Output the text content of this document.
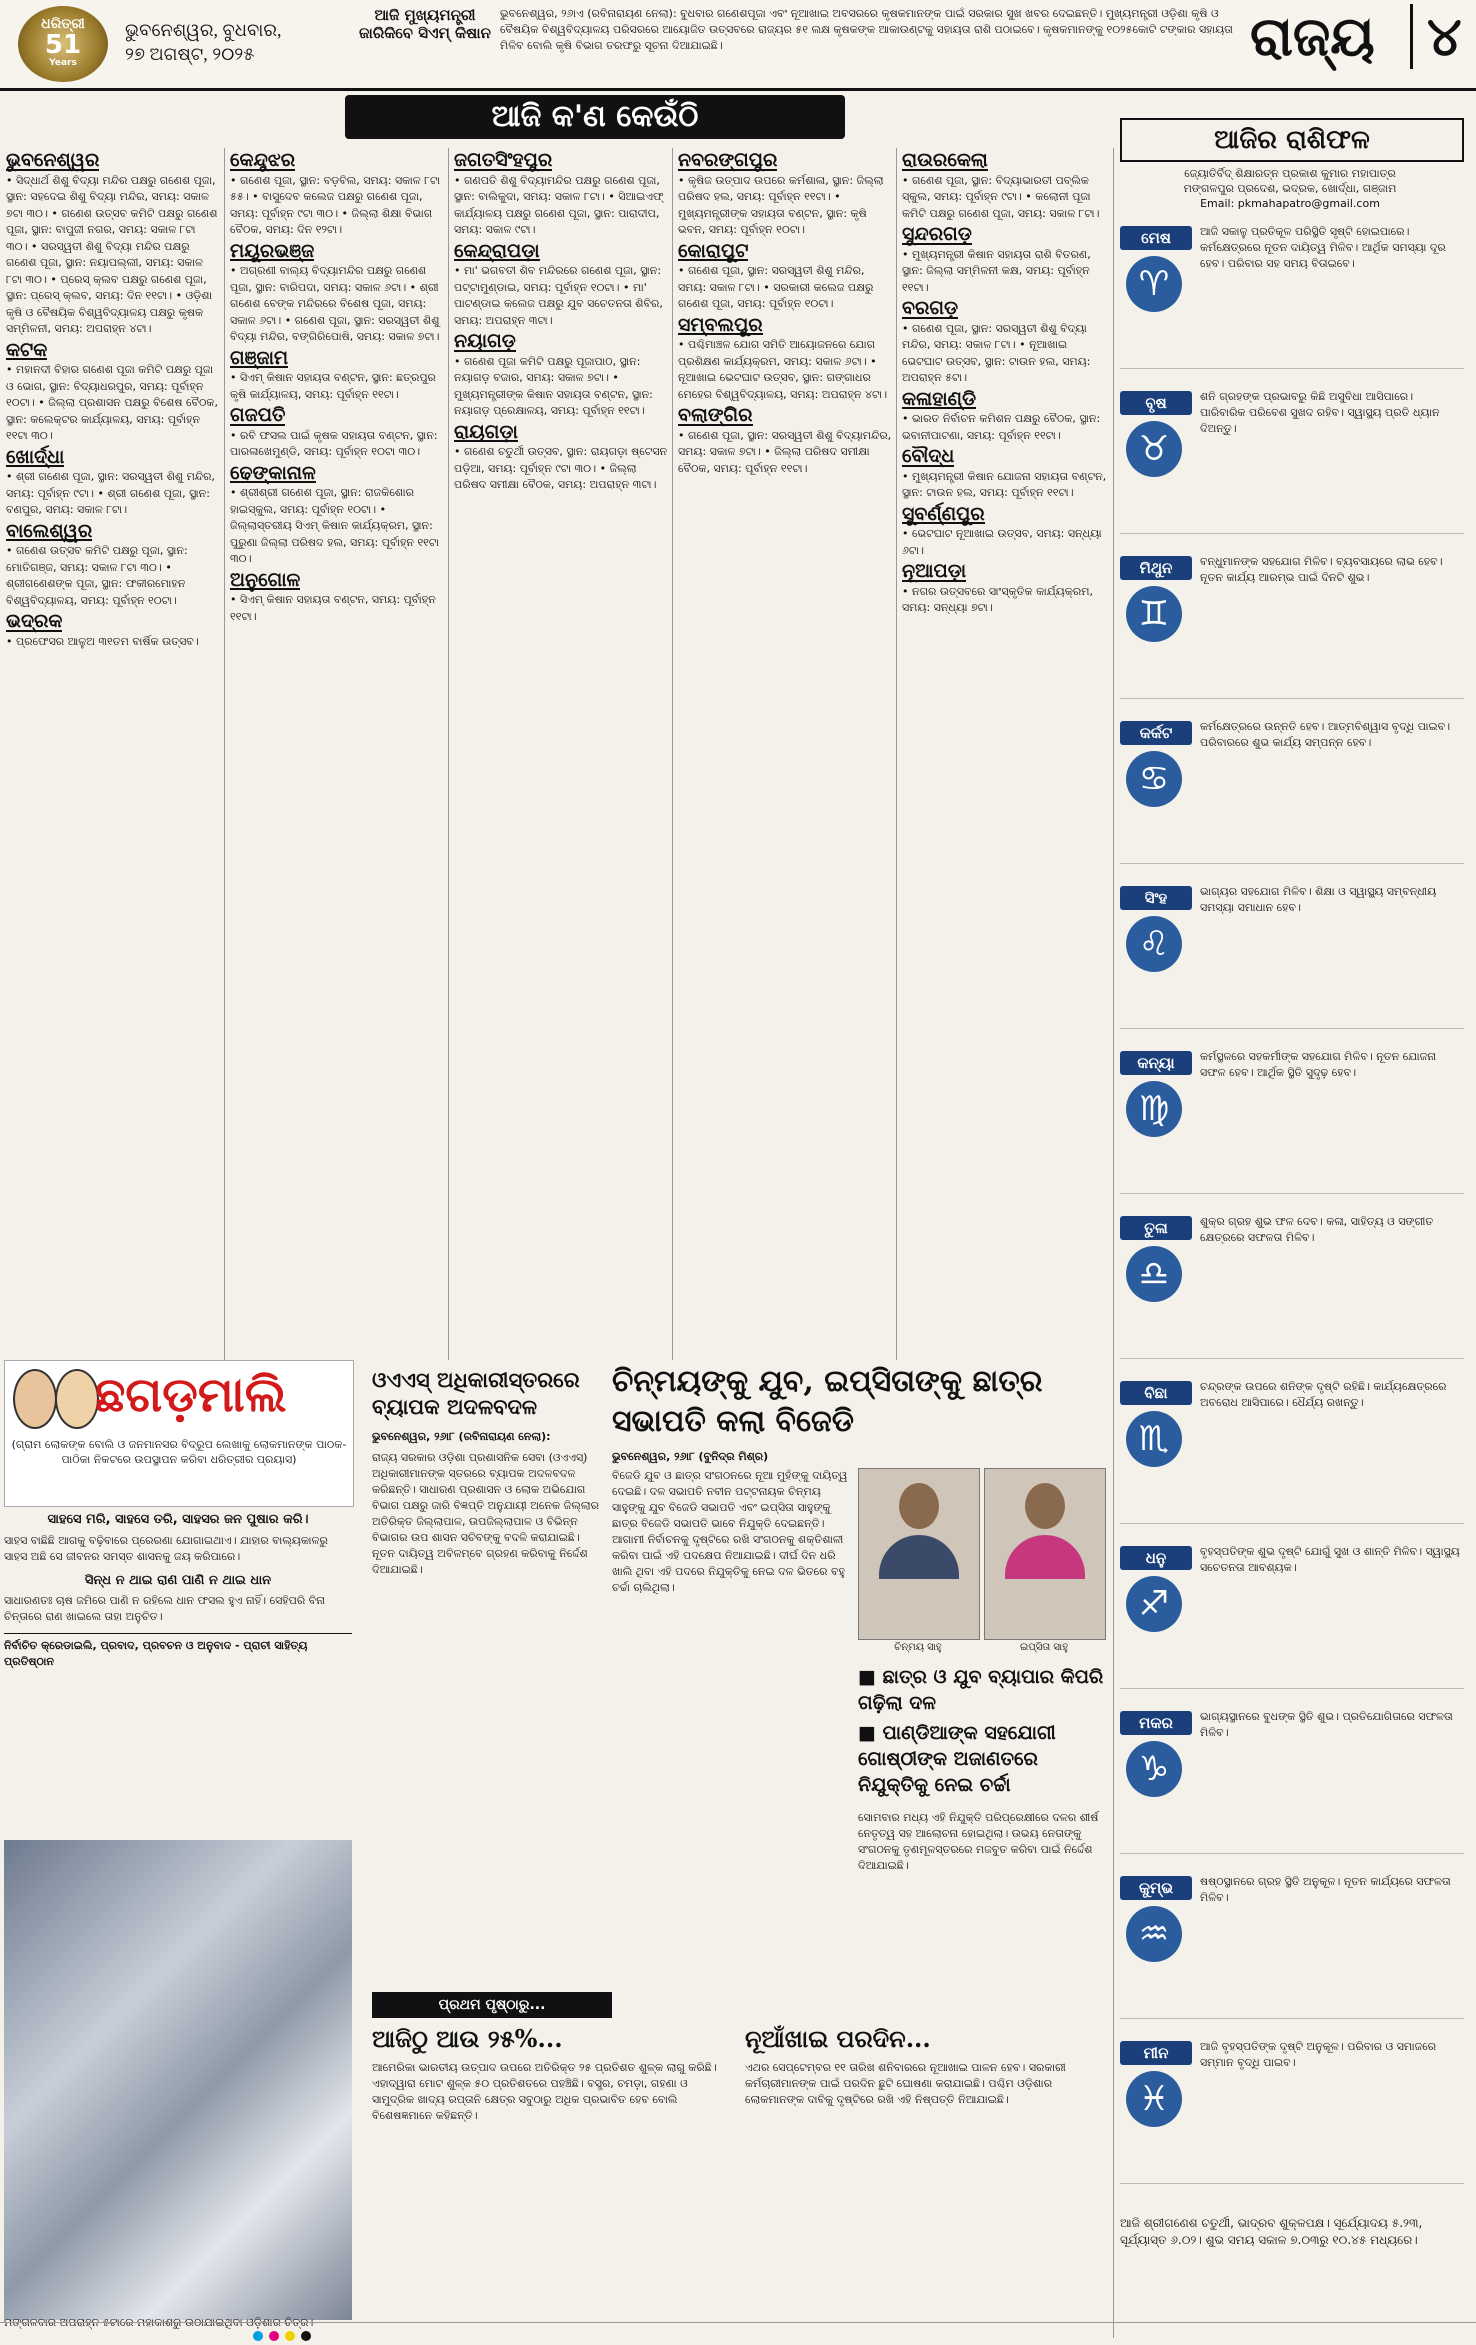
ଧରିତ୍ରୀ
51
Years
ଭୁବନେଶ୍ୱର, ବୁଧବାର,
୨୭ ଅଗଷ୍ଟ, ୨୦୨୫
ଆଜି ମୁଖ୍ୟମନ୍ତ୍ରୀ ଜାରିକିବେ ସିଏମ୍ କିଷାନ
ଭୁବନେଶ୍ୱର, ୨୬ାଏ (ରବିନାରାୟଣ ନେଲା): ବୁଧବାର ଗଣେଶପୂଜା ଏବଂ ନୂଆଖାଇ ଅବସରରେ କୃଷକମାନଙ୍କ ପାଇଁ ସରକାର ସୁଖ ଖବର ଦେଇଛନ୍ତି। ମୁଖ୍ୟମନ୍ତ୍ରୀ ଓଡ଼ିଶା କୃଷି ଓ ବୈଷୟିକ ବିଶ୍ୱବିଦ୍ୟାଳୟ ପରିସରରେ ଆୟୋଜିତ ଉତ୍ସବରେ ରାଜ୍ୟର ୫୧ ଲକ୍ଷ କୃଷକଙ୍କ ଆକାଉଣ୍ଟକୁ ସହାୟତା ରାଶି ପଠାଇବେ। କୃଷକମାନଙ୍କୁ ୧୦୨୫କୋଟି ଟଙ୍କାର ସହାୟତା ମିଳିବ ବୋଲି କୃଷି ବିଭାଗ ତରଫରୁ ସୂଚନା ଦିଆଯାଇଛି।	ରାଜ୍ୟ ୪
ଆଜି କ'ଣ କେଉଁଠି
ଭୁବନେଶ୍ୱର
• ସିଦ୍ଧାର୍ଥ ଶିଶୁ ବିଦ୍ୟା ମନ୍ଦିର ପକ୍ଷରୁ ଗଣେଶ ପୂଜା, ସ୍ଥାନ: ସହଦେଇ ଶିଶୁ ବିଦ୍ୟା ମନ୍ଦିର, ସମୟ: ସକାଳ ୭ଟା ୩୦। • ଗଣେଶ ଉତ୍ସବ କମିଟି ପକ୍ଷରୁ ଗଣେଶ ପୂଜା, ସ୍ଥାନ: ବାପୁଜୀ ନଗର, ସମୟ: ସକାଳ ୮ଟା ୩୦। • ସରସ୍ୱତୀ ଶିଶୁ ବିଦ୍ୟା ମନ୍ଦିର ପକ୍ଷରୁ ଗଣେଶ ପୂଜା, ସ୍ଥାନ: ନୟାପଲ୍ଲୀ, ସମୟ: ସକାଳ ୮ଟା ୩୦। • ପ୍ରେସ୍ କ୍ଲବ ପକ୍ଷରୁ ଗଣେଶ ପୂଜା, ସ୍ଥାନ: ପ୍ରେସ୍ କ୍ଲବ, ସମୟ: ଦିନ ୧୧ଟା। • ଓଡ଼ିଶା କୃଷି ଓ ବୈଷୟିକ ବିଶ୍ୱବିଦ୍ୟାଳୟ ପକ୍ଷରୁ କୃଷକ ସମ୍ମିଳନୀ, ସମୟ: ଅପରାହ୍ନ ୪ଟା।
କଟକ
• ମହାନଦୀ ବିହାର ଗଣେଶ ପୂଜା କମିଟି ପକ୍ଷରୁ ପୂଜା ଓ ଭୋଗ, ସ୍ଥାନ: ବିଦ୍ୟାଧରପୁର, ସମୟ: ପୂର୍ବାହ୍ନ ୧୦ଟା। • ଜିଲ୍ଲା ପ୍ରଶାସନ ପକ୍ଷରୁ ବିଶେଷ ବୈଠକ, ସ୍ଥାନ: କଲେକ୍ଟର କାର୍ଯ୍ୟାଳୟ, ସମୟ: ପୂର୍ବାହ୍ନ ୧୧ଟା ୩୦।
ଖୋର୍ଦ୍ଧା
• ଶ୍ରୀ ଗଣେଶ ପୂଜା, ସ୍ଥାନ: ସରସ୍ୱତୀ ଶିଶୁ ମନ୍ଦିର, ସମୟ: ପୂର୍ବାହ୍ନ ୯ଟା। • ଶ୍ରୀ ଗଣେଶ ପୂଜା, ସ୍ଥାନ: ବଣପୁର, ସମୟ: ସକାଳ ୮ଟା।
ବାଲେଶ୍ୱର
• ଗଣେଶ ଉତ୍ସବ କମିଟି ପକ୍ଷରୁ ପୂଜା, ସ୍ଥାନ: ମୋତିଗଞ୍ଜ, ସମୟ: ସକାଳ ୮ଟା ୩୦। • ଶ୍ରୀଗଣେଶଙ୍କ ପୂଜା, ସ୍ଥାନ: ଫକୀରମୋହନ ବିଶ୍ୱବିଦ୍ୟାଳୟ, ସମୟ: ପୂର୍ବାହ୍ନ ୧୦ଟା।
ଭଦ୍ରକ
• ପ୍ରଫେସର ଆଳୁଅ ୩୧ତମ ବାର୍ଷିକ ଉତ୍ସବ।
କେନ୍ଦୁଝର
• ଗଣେଶ ପୂଜା, ସ୍ଥାନ: ବଡ଼ବିଲ, ସମୟ: ସକାଳ ୮ଟା ୫୫। • ବାସୁଦେବ କଲେଜ ପକ୍ଷରୁ ଗଣେଶ ପୂଜା, ସମୟ: ପୂର୍ବାହ୍ନ ୯ଟା ୩୦। • ଜିଲ୍ଲା ଶିକ୍ଷା ବିଭାଗ ବୈଠକ, ସମୟ: ଦିନ ୧୨ଟା।
ମୟୂରଭଞ୍ଜ
• ଅଗ୍ରଣୀ ବାଲ୍ୟ ବିଦ୍ୟାମନ୍ଦିର ପକ୍ଷରୁ ଗଣେଶ ପୂଜା, ସ୍ଥାନ: ବାରିପଦା, ସମୟ: ସକାଳ ୬ଟା। • ଶ୍ରୀ ଗଣେଶ ବେଙ୍କ ମନ୍ଦିରରେ ବିଶେଷ ପୂଜା, ସମୟ: ସକାଳ ୬ଟା। • ଗଣେଶ ପୂଜା, ସ୍ଥାନ: ସରସ୍ୱତୀ ଶିଶୁ ବିଦ୍ୟା ମନ୍ଦିର, ବଙ୍ଗିରିପୋଷି, ସମୟ: ସକାଳ ୭ଟା।
ଗଞ୍ଜାମ
• ସିଏମ୍ କିଷାନ ସହାୟତା ବଣ୍ଟନ, ସ୍ଥାନ: ଛତ୍ରପୁର କୃଷି କାର୍ଯ୍ୟାଳୟ, ସମୟ: ପୂର୍ବାହ୍ନ ୧୧ଟା।
ଗଜପତି
• ରବି ଫସଲ ପାଇଁ କୃଷକ ସହାୟତା ବଣ୍ଟନ, ସ୍ଥାନ: ପାରଳାଖେମୁଣ୍ଡି, ସମୟ: ପୂର୍ବାହ୍ନ ୧୦ଟା ୩୦।
ଢେଙ୍କାନାଳ
• ଶ୍ରୀଶ୍ରୀ ଗଣେଶ ପୂଜା, ସ୍ଥାନ: ରାଜକିଶୋର ହାଇସ୍କୁଲ, ସମୟ: ପୂର୍ବାହ୍ନ ୧୦ଟା। • ଜିଲ୍ଲାସ୍ତରୀୟ ସିଏମ୍ କିଷାନ କାର୍ଯ୍ୟକ୍ରମ, ସ୍ଥାନ: ପୁରୁଣା ଜିଲ୍ଲା ପରିଷଦ ହଲ, ସମୟ: ପୂର୍ବାହ୍ନ ୧୧ଟା ୩୦।
ଅନୁଗୋଳ
• ସିଏମ୍ କିଷାନ ସହାୟତା ବଣ୍ଟନ, ସମୟ: ପୂର୍ବାହ୍ନ ୧୧ଟା।
ଜଗତସିଂହପୁର
• ଗଣପତି ଶିଶୁ ବିଦ୍ୟାମନ୍ଦିର ପକ୍ଷରୁ ଗଣେଶ ପୂଜା, ସ୍ଥାନ: ବାଲିକୁଦା, ସମୟ: ସକାଳ ୮ଟା। • ସିଆଇଏଫ୍ କାର୍ଯ୍ୟାଳୟ ପକ୍ଷରୁ ଗଣେଶ ପୂଜା, ସ୍ଥାନ: ପାରାଦୀପ, ସମୟ: ସକାଳ ୯ଟା।
କେନ୍ଦ୍ରାପଡ଼ା
• ମା' ଭଗବତୀ ଶିବ ମନ୍ଦିରରେ ଗଣେଶ ପୂଜା, ସ୍ଥାନ: ପଟ୍ଟାମୁଣ୍ଡାଇ, ସମୟ: ପୂର୍ବାହ୍ନ ୧୦ଟା। • ମା' ପାଟଣ୍ଡାଇ କଲେଜ ପକ୍ଷରୁ ଯୁବ ସଚେତନତା ଶିବିର, ସମୟ: ଅପରାହ୍ନ ୩ଟା।
ନୟାଗଡ଼
• ଗଣେଶ ପୂଜା କମିଟି ପକ୍ଷରୁ ପୂଜାପାଠ, ସ୍ଥାନ: ନୟାଗଡ଼ ବଜାର, ସମୟ: ସକାଳ ୭ଟା। • ମୁଖ୍ୟମନ୍ତ୍ରୀଙ୍କ କିଷାନ ସହାୟତା ବଣ୍ଟନ, ସ୍ଥାନ: ନୟାଗଡ଼ ପ୍ରେକ୍ଷାଳୟ, ସମୟ: ପୂର୍ବାହ୍ନ ୧୧ଟା।
ରାୟଗଡ଼ା
• ଗଣେଶ ଚତୁର୍ଥୀ ଉତ୍ସବ, ସ୍ଥାନ: ରାୟଗଡ଼ା ଷ୍ଟେସନ ପଡ଼ିଆ, ସମୟ: ପୂର୍ବାହ୍ନ ୯ଟା ୩୦। • ଜିଲ୍ଲା ପରିଷଦ ସମୀକ୍ଷା ବୈଠକ, ସମୟ: ଅପରାହ୍ନ ୩ଟା।
ନବରଙ୍ଗପୁର
• କୃଷିଜ ଉତ୍ପାଦ ଉପରେ କର୍ମଶାଳା, ସ୍ଥାନ: ଜିଲ୍ଲା ପରିଷଦ ହଲ, ସମୟ: ପୂର୍ବାହ୍ନ ୧୧ଟା। • ମୁଖ୍ୟମନ୍ତ୍ରୀଙ୍କ ସହାୟତା ବଣ୍ଟନ, ସ୍ଥାନ: କୃଷି ଭବନ, ସମୟ: ପୂର୍ବାହ୍ନ ୧୦ଟା।
କୋରାପୁଟ
• ଗଣେଶ ପୂଜା, ସ୍ଥାନ: ସରସ୍ୱତୀ ଶିଶୁ ମନ୍ଦିର, ସମୟ: ସକାଳ ୮ଟା। • ସରକାରୀ କଲେଜ ପକ୍ଷରୁ ଗଣେଶ ପୂଜା, ସମୟ: ପୂର୍ବାହ୍ନ ୧୦ଟା।
ସମ୍ବଲପୁର
• ପଶ୍ଚିମାଞ୍ଚଳ ଯୋଗ ସମିତି ଆୟୋଜନରେ ଯୋଗ ପ୍ରଶିକ୍ଷଣ କାର୍ଯ୍ୟକ୍ରମ, ସମୟ: ସକାଳ ୬ଟା। • ନୂଆଖାଇ ଭେଟଘାଟ ଉତ୍ସବ, ସ୍ଥାନ: ଗଙ୍ଗାଧର ମେହେର ବିଶ୍ୱବିଦ୍ୟାଳୟ, ସମୟ: ଅପରାହ୍ନ ୪ଟା।
ବଲାଙ୍ଗିର
• ଗଣେଶ ପୂଜା, ସ୍ଥାନ: ସରସ୍ୱତୀ ଶିଶୁ ବିଦ୍ୟାମନ୍ଦିର, ସମୟ: ସକାଳ ୭ଟା। • ଜିଲ୍ଲା ପରିଷଦ ସମୀକ୍ଷା ବୈଠକ, ସମୟ: ପୂର୍ବାହ୍ନ ୧୧ଟା।
ରାଉରକେଲା
• ଗଣେଶ ପୂଜା, ସ୍ଥାନ: ବିଦ୍ୟାଭାରତୀ ପବ୍ଲିକ ସ୍କୁଲ, ସମୟ: ପୂର୍ବାହ୍ନ ୯ଟା। • କଲୋନୀ ପୂଜା କମିଟି ପକ୍ଷରୁ ଗଣେଶ ପୂଜା, ସମୟ: ସକାଳ ୮ଟା।
ସୁନ୍ଦରଗଡ଼
• ମୁଖ୍ୟମନ୍ତ୍ରୀ କିଷାନ ସହାୟତା ରାଶି ବିତରଣ, ସ୍ଥାନ: ଜିଲ୍ଲା ସମ୍ମିଳନୀ କକ୍ଷ, ସମୟ: ପୂର୍ବାହ୍ନ ୧୧ଟା।
ବରଗଡ଼
• ଗଣେଶ ପୂଜା, ସ୍ଥାନ: ସରସ୍ୱତୀ ଶିଶୁ ବିଦ୍ୟା ମନ୍ଦିର, ସମୟ: ସକାଳ ୮ଟା। • ନୂଆଖାଇ ଭେଟଘାଟ ଉତ୍ସବ, ସ୍ଥାନ: ଟାଉନ ହଲ, ସମୟ: ଅପରାହ୍ନ ୫ଟା।
କଳାହାଣ୍ଡି
• ଭାରତ ନିର୍ବାଚନ କମିଶନ ପକ୍ଷରୁ ବୈଠକ, ସ୍ଥାନ: ଭବାନୀପାଟଣା, ସମୟ: ପୂର୍ବାହ୍ନ ୧୧ଟା।
ବୌଦ୍ଧ
• ମୁଖ୍ୟମନ୍ତ୍ରୀ କିଷାନ ଯୋଜନା ସହାୟତା ବଣ୍ଟନ, ସ୍ଥାନ: ଟାଉନ ହଲ, ସମୟ: ପୂର୍ବାହ୍ନ ୧୧ଟା।
ସୁବର୍ଣ୍ଣପୁର
• ଭେଟଘାଟ ନୂଆଖାଇ ଉତ୍ସବ, ସମୟ: ସନ୍ଧ୍ୟା ୬ଟା।
ନୂଆପଡ଼ା
• ନଗର ଉତ୍ସବରେ ସାଂସ୍କୃତିକ କାର୍ଯ୍ୟକ୍ରମ, ସମୟ: ସନ୍ଧ୍ୟା ୭ଟା।
ଆଜିର ରାଶିଫଳ
ଜ୍ୟୋତିର୍ବିଦ୍ ଶିକ୍ଷାରତ୍ନ ପ୍ରକାଶ କୁମାର ମହାପାତ୍ର
ମଙ୍ଗଳପୁର ପ୍ରଦେଶ, ଭଦ୍ରକ, ଖୋର୍ଦ୍ଧା, ଗଞ୍ଜାମ
Email: pkmahapatro@gmail.com
ମେଷ
♈
ଆଜି ସକାଳୁ ପ୍ରତିକୂଳ ପରିସ୍ଥିତି ସୃଷ୍ଟି ହୋଇପାରେ। କର୍ମକ୍ଷେତ୍ରରେ ନୂତନ ଦାୟିତ୍ୱ ମିଳିବ। ଆର୍ଥିକ ସମସ୍ୟା ଦୂର ହେବ। ପରିବାର ସହ ସମୟ ବିତାଇବେ।
ବୃଷ
♉
ଶନି ଗ୍ରହଙ୍କ ପ୍ରଭାବରୁ କିଛି ଅସୁବିଧା ଆସିପାରେ। ପାରିବାରିକ ପରିବେଶ ସୁଖଦ ରହିବ। ସ୍ୱାସ୍ଥ୍ୟ ପ୍ରତି ଧ୍ୟାନ ଦିଅନ୍ତୁ।
ମିଥୁନ
♊
ବନ୍ଧୁମାନଙ୍କ ସହଯୋଗ ମିଳିବ। ବ୍ୟବସାୟରେ ଲାଭ ହେବ। ନୂତନ କାର୍ଯ୍ୟ ଆରମ୍ଭ ପାଇଁ ଦିନଟି ଶୁଭ।
କର୍କଟ
♋
କର୍ମକ୍ଷେତ୍ରରେ ଉନ୍ନତି ହେବ। ଆତ୍ମବିଶ୍ୱାସ ବୃଦ୍ଧି ପାଇବ। ପରିବାରରେ ଶୁଭ କାର୍ଯ୍ୟ ସମ୍ପନ୍ନ ହେବ।
ସିଂହ
♌
ଭାଗ୍ୟର ସହଯୋଗ ମିଳିବ। ଶିକ୍ଷା ଓ ସ୍ୱାସ୍ଥ୍ୟ ସମ୍ବନ୍ଧୀୟ ସମସ୍ୟା ସମାଧାନ ହେବ।
କନ୍ୟା
♍
କର୍ମସ୍ଥଳରେ ସହକର୍ମୀଙ୍କ ସହଯୋଗ ମିଳିବ। ନୂତନ ଯୋଜନା ସଫଳ ହେବ। ଆର୍ଥିକ ସ୍ଥିତି ସୁଦୃଢ଼ ହେବ।
ତୁଳା
♎
ଶୁକ୍ର ଗ୍ରହ ଶୁଭ ଫଳ ଦେବ। କଳା, ସାହିତ୍ୟ ଓ ସଙ୍ଗୀତ କ୍ଷେତ୍ରରେ ସଫଳତା ମିଳିବ।
ବିଛା
♏
ଚନ୍ଦ୍ରଙ୍କ ଉପରେ ଶନିଙ୍କ ଦୃଷ୍ଟି ରହିଛି। କାର୍ଯ୍ୟକ୍ଷେତ୍ରରେ ଅବରୋଧ ଆସିପାରେ। ଧୈର୍ଯ୍ୟ ରଖନ୍ତୁ।
ଧନୁ
♐
ବୃହସ୍ପତିଙ୍କ ଶୁଭ ଦୃଷ୍ଟି ଯୋଗୁଁ ସୁଖ ଓ ଶାନ୍ତି ମିଳିବ। ସ୍ୱାସ୍ଥ୍ୟ ସଚେତନତା ଆବଶ୍ୟକ।
ମକର
♑
ଭାଗ୍ୟସ୍ଥାନରେ ବୁଧଙ୍କ ସ୍ଥିତି ଶୁଭ। ପ୍ରତିଯୋଗିତାରେ ସଫଳତା ମିଳିବ।
କୁମ୍ଭ
♒
ଷଷ୍ଠସ୍ଥାନରେ ଗ୍ରହ ସ୍ଥିତି ଅନୁକୂଳ। ନୂତନ କାର୍ଯ୍ୟରେ ସଫଳତା ମିଳିବ।
ମୀନ
♓
ଆଜି ବୃହସ୍ପତିଙ୍କ ଦୃଷ୍ଟି ଅନୁକୂଳ। ପରିବାର ଓ ସମାଜରେ ସମ୍ମାନ ବୃଦ୍ଧି ପାଇବ।
ଆଜି ଶ୍ରୀଗଣେଶ ଚତୁର୍ଥୀ, ଭାଦ୍ରବ ଶୁକ୍ଳପକ୍ଷ। ସୂର୍ଯ୍ୟୋଦୟ ୫.୨୩, ସୂର୍ଯ୍ୟାସ୍ତ ୬.୦୨। ଶୁଭ ସମୟ ସକାଳ ୭.୦୩ରୁ ୧୦.୪୫ ମଧ୍ୟରେ।
ଛଗଡ଼ମାଲି
(ଗ୍ରାମ ଲୋକଙ୍କ ବୋଲି ଓ ଜନମାନସର ବିଦ୍ରୂପ ଲେଖାକୁ ଲୋକମାନଙ୍କ ପାଠକ-ପାଠିକା ନିକଟରେ ଉପସ୍ଥାପନ କରିବା ଧରିତ୍ରୀର ପ୍ରୟାସ)
ସାହସେ ମରି, ସାହସେ ତରି, ସାହସର ଜନ ପୁଷାର କରି।
ସାହସ ବାଛିଛି ଆଗକୁ ବଢ଼ିବାରେ ପ୍ରେରଣା ଯୋଗାଇଥାଏ। ଯାହାର ବାଲ୍ୟକାଳରୁ ସାହସ ଅଛି ସେ ଜୀବନର ସମସ୍ତ ଶାସନକୁ ଜୟ କରିପାରେ।
ସିନ୍ଧ ନ ଥାଇ ରାଣ ପାଣି ନ ଥାଇ ଧାନ
ସାଧାରଣତଃ ଚାଷ ଜମିରେ ପାଣି ନ ରହିଲେ ଧାନ ଫସଲ ହୁଏ ନାହିଁ। ସେହିପରି ବିନା ଚିନ୍ତାରେ ରାଣ ଖାଇଲେ ତାହା ଅନୁଚିତ।
ନିର୍ବାଚିତ କ୍ରେଡାଇଲି, ପ୍ରବାଦ, ପ୍ରବଚନ ଓ ଅନୁବାଦ - ପ୍ରାଚୀ ସାହିତ୍ୟ ପ୍ରତିଷ୍ଠାନ
ମଙ୍ଗଳବାର ଅପରାହ୍ନ ୫ଟାରେ ମହାକାଶରୁ ଉଠାଯାଇଥିବା ଓଡ଼ିଶାର ଚିତ୍ର।
ଓଏଏସ୍ ଅଧିକାରୀସ୍ତରରେ ବ୍ୟାପକ ଅଦଳବଦଳ
ଭୁବନେଶ୍ୱର, ୨୬ା୮ (ରବିନାରାୟଣ ନେଲା):
ରାଜ୍ୟ ସରକାର ଓଡ଼ିଶା ପ୍ରଶାସନିକ ସେବା (ଓଏଏସ୍) ଅଧିକାରୀମାନଙ୍କ ସ୍ତରରେ ବ୍ୟାପକ ଅଦଳବଦଳ କରିଛନ୍ତି। ସାଧାରଣ ପ୍ରଶାସନ ଓ ଲୋକ ଅଭିଯୋଗ ବିଭାଗ ପକ୍ଷରୁ ଜାରି ବିଜ୍ଞପ୍ତି ଅନୁଯାୟୀ ଅନେକ ଜିଲ୍ଲାର ଅତିରିକ୍ତ ଜିଲ୍ଲାପାଳ, ଉପଜିଲ୍ଲାପାଳ ଓ ବିଭିନ୍ନ ବିଭାଗର ଉପ ଶାସନ ସଚିବଙ୍କୁ ବଦଳି କରାଯାଇଛି। ନୂତନ ଦାୟିତ୍ୱ ଅବିଳମ୍ବେ ଗ୍ରହଣ କରିବାକୁ ନିର୍ଦ୍ଦେଶ ଦିଆଯାଇଛି।
ଚିନ୍ମୟଙ୍କୁ ଯୁବ, ଇପ୍ସିତାଙ୍କୁ ଛାତ୍ର ସଭାପତି କଲା ବିଜେଡି
ଭୁବନେଶ୍ୱର, ୨୬ା୮ (ବୁନିଦ୍ର ମିଶ୍ର)
ବିଜେଡି ଯୁବ ଓ ଛାତ୍ର ସଂଗଠନରେ ନୂଆ ମୁହଁଙ୍କୁ ଦାୟିତ୍ୱ ଦେଇଛି। ଦଳ ସଭାପତି ନବୀନ ପଟ୍ଟନାୟକ ଚିନ୍ମୟ ସାହୁଙ୍କୁ ଯୁବ ବିଜେଡି ସଭାପତି ଏବଂ ଇପ୍ସିତା ସାହୁଙ୍କୁ ଛାତ୍ର ବିଜେଡି ସଭାପତି ଭାବେ ନିଯୁକ୍ତି ଦେଇଛନ୍ତି। ଆଗାମୀ ନିର୍ବାଚନକୁ ଦୃଷ୍ଟିରେ ରଖି ସଂଗଠନକୁ ଶକ୍ତିଶାଳୀ କରିବା ପାଇଁ ଏହି ପଦକ୍ଷେପ ନିଆଯାଇଛି। ଦୀର୍ଘ ଦିନ ଧରି ଖାଲି ଥିବା ଏହି ପଦରେ ନିଯୁକ୍ତିକୁ ନେଇ ଦଳ ଭିତରେ ବହୁ ଚର୍ଚ୍ଚା ଚାଲିଥିଲା।
ଚିନ୍ମୟ ସାହୁ	ଇପ୍ସିତା ସାହୁ
■ ଛାତ୍ର ଓ ଯୁବ ବ୍ୟାପାର କିପରି ଗଢ଼ିଲା ଦଳ
■ ପାଣ୍ଡିଆଙ୍କ ସହଯୋଗୀ ଗୋଷ୍ଠୀଙ୍କ ଅଜାଣତରେ ନିଯୁକ୍ତିକୁ ନେଇ ଚର୍ଚ୍ଚା
ସୋମବାର ମଧ୍ୟ ଏହି ନିଯୁକ୍ତି ପରିପ୍ରେକ୍ଷୀରେ ଦଳର ଶୀର୍ଷ ନେତୃତ୍ୱ ସହ ଆଲୋଚନା ହୋଇଥିଲା। ଉଭୟ ନେତାଙ୍କୁ ସଂଗଠନକୁ ତୃଣମୂଳସ୍ତରରେ ମଜବୁତ କରିବା ପାଇଁ ନିର୍ଦ୍ଦେଶ ଦିଆଯାଇଛି।
ପ୍ରଥମ ପୃଷ୍ଠାରୁ...
ଆଜିଠୁ ଆଉ ୨୫%...
ଆମେରିକା ଭାରତୀୟ ଉତ୍ପାଦ ଉପରେ ଅତିରିକ୍ତ ୨୫ ପ୍ରତିଶତ ଶୁଳ୍କ ଲାଗୁ କରିଛି। ଏହାଦ୍ୱାରା ମୋଟ ଶୁଳ୍କ ୫୦ ପ୍ରତିଶତରେ ପହଞ୍ଚିଛି। ବସ୍ତ୍ର, ଚମଡ଼ା, ଗହଣା ଓ ସାମୁଦ୍ରିକ ଖାଦ୍ୟ ରପ୍ତାନି କ୍ଷେତ୍ର ସବୁଠାରୁ ଅଧିକ ପ୍ରଭାବିତ ହେବ ବୋଲି ବିଶେଷଜ୍ଞମାନେ କହିଛନ୍ତି।
ନୂଆଁଖାଇ ପରଦିନ...
ଏଥର ସେପ୍ଟେମ୍ବର ୧୧ ତାରିଖ ଶନିବାରରେ ନୂଆଖାଇ ପାଳନ ହେବ। ସରକାରୀ କର୍ମଚାରୀମାନଙ୍କ ପାଇଁ ପରଦିନ ଛୁଟି ଘୋଷଣା କରାଯାଇଛି। ପଶ୍ଚିମ ଓଡ଼ିଶାର ଲୋକମାନଙ୍କ ଦାବିକୁ ଦୃଷ୍ଟିରେ ରଖି ଏହି ନିଷ୍ପତ୍ତି ନିଆଯାଇଛି।
